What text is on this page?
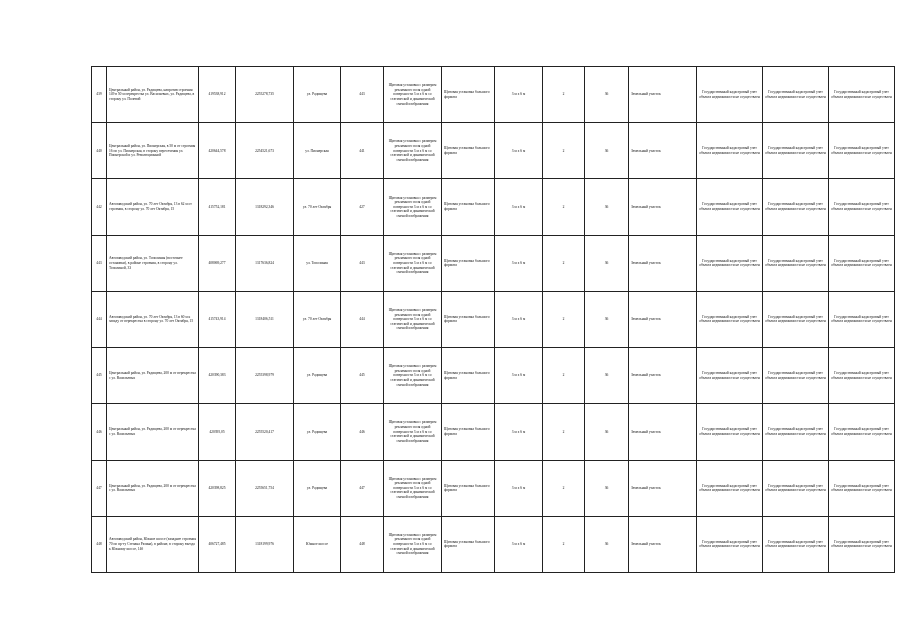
439	Центральный район, ул. Радищева, напротив строения 149 в 50 м перекрестка ул. Васильевых, ул. Радищева, в сторону ул. Полевой	419538,912	2255278,735	ул. Радищева	443	Щитовая установка с размером рекламного поля одной поверхности 3 м х 6 м со статической и динамической сменой изображения	Щитовая установка большого формата	3 м х 6 м	2	36	Земельный участок	Государственный кадастровый учет объекта недвижимости не осуществлен	Государственный кадастровый учет объекта недвижимости не осуществлен	Государственный кадастровый учет объекта недвижимости не осуществлен
440	Центральный район, ул. Пионерская, в 50 м от строения 16 по ул. Пионерская, в сторону пересечения ул. Пионерской и ул. Революционной	420644,578	2254521,673	ул. Пионерская	441	Щитовая установка с размером рекламного поля одной поверхности 3 м х 6 м со статической и динамической сменой изображения	Щитовая установка большого формата	3 м х 6 м	2	36	Земельный участок	Государственный кадастровый учет объекта недвижимости не осуществлен	Государственный кадастровый учет объекта недвижимости не осуществлен	Государственный кадастровый учет объекта недвижимости не осуществлен
442	Автозаводский район, ул. 70 лет Октября, 13 в 62 м от строения, в сторону ул. 70 лет Октября, 15	415752,181	1318292,346	ул. 70 лет Октября	427	Щитовая установка с размером рекламного поля одной поверхности 3 м х 6 м со статической и динамической сменой изображения	Щитовая установка большого формата	3 м х 6 м	2	36	Земельный участок	Государственный кадастровый учет объекта недвижимости не осуществлен	Государственный кадастровый учет объекта недвижимости не осуществлен	Государственный кадастровый учет объекта недвижимости не осуществлен
443	Автозаводский район, ул. Тополиная (восточнее остановки), в районе строения, в сторону ул. Тополиной, 33	408069,277	1317636,824	ул. Тополиная	443	Щитовая установка с размером рекламного поля одной поверхности 3 м х 6 м со статической и динамической сменой изображения	Щитовая установка большого формата	3 м х 6 м	2	36	Земельный участок	Государственный кадастровый учет объекта недвижимости не осуществлен	Государственный кадастровый учет объекта недвижимости не осуществлен	Государственный кадастровый учет объекта недвижимости не осуществлен
444	Автозаводский район, ул. 70 лет Октября, 13 в 60 м к западу от перекрестка в сторону ул. 70 лет Октября, 15	415743,914	1318406,511	ул. 70 лет Октября	444	Щитовая установка с размером рекламного поля одной поверхности 3 м х 6 м со статической и динамической сменой изображения	Щитовая установка большого формата	3 м х 6 м	2	36	Земельный участок	Государственный кадастровый учет объекта недвижимости не осуществлен	Государственный кадастровый учет объекта недвижимости не осуществлен	Государственный кадастровый учет объекта недвижимости не осуществлен
445	Центральный район, ул. Радищева, 200 м от перекрестка с ул. Васильевых	420390,383	2255398,979	ул. Радищева	445	Щитовая установка с размером рекламного поля одной поверхности 3 м х 6 м со статической и динамической сменой изображения	Щитовая установка большого формата	3 м х 6 м	2	36	Земельный участок	Государственный кадастровый учет объекта недвижимости не осуществлен	Государственный кадастровый учет объекта недвижимости не осуществлен	Государственный кадастровый учет объекта недвижимости не осуществлен
446	Центральный район, ул. Радищева, 200 м от перекрестка с ул. Васильевых	420395,05	2255520,417	ул. Радищева	446	Щитовая установка с размером рекламного поля одной поверхности 3 м х 6 м со статической и динамической сменой изображения	Щитовая установка большого формата	3 м х 6 м	2	36	Земельный участок	Государственный кадастровый учет объекта недвижимости не осуществлен	Государственный кадастровый учет объекта недвижимости не осуществлен	Государственный кадастровый учет объекта недвижимости не осуществлен
447	Центральный район, ул. Радищева, 200 м от перекрестка с ул. Васильевых	420398,825	2255651,754	ул. Радищева	447	Щитовая установка с размером рекламного поля одной поверхности 3 м х 6 м со статической и динамической сменой изображения	Щитовая установка большого формата	3 м х 6 м	2	36	Земельный участок	Государственный кадастровый учет объекта недвижимости не осуществлен	Государственный кадастровый учет объекта недвижимости не осуществлен	Государственный кадастровый учет объекта недвижимости не осуществлен
448	Автозаводский район, Южное шоссе (западнее строения 70 по пр-ту Степана Разина), в районе, в сторону въезда к Южному шоссе, 14б	406727,485	1318199,976	Южное шоссе	448	Щитовая установка с размером рекламного поля одной поверхности 3 м х 6 м со статической и динамической сменой изображения	Щитовая установка большого формата	3 м х 6 м	2	36	Земельный участок	Государственный кадастровый учет объекта недвижимости не осуществлен	Государственный кадастровый учет объекта недвижимости не осуществлен	Государственный кадастровый учет объекта недвижимости не осуществлен
